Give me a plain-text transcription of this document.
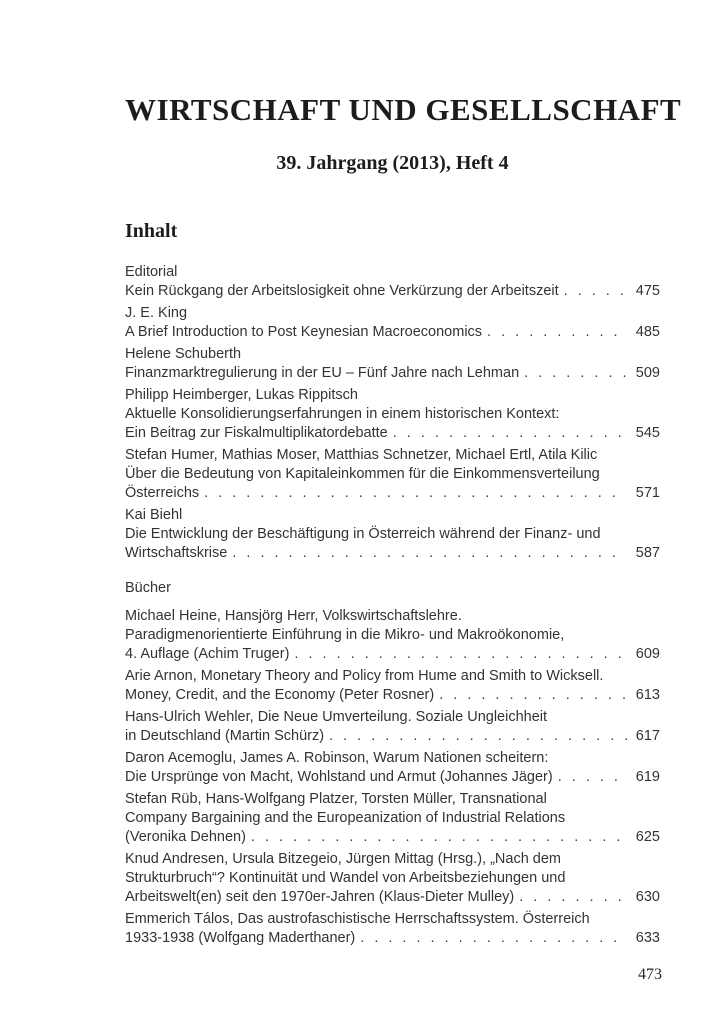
WIRTSCHAFT UND GESELLSCHAFT
39. Jahrgang (2013), Heft 4
Inhalt
Editorial
Kein Rückgang der Arbeitslosigkeit ohne Verkürzung der Arbeitszeit . . .	475
J. E. King
A Brief Introduction to Post Keynesian Macroeconomics . . .	485
Helene Schuberth
Finanzmarktregulierung in der EU – Fünf Jahre nach Lehman . . .	509
Philipp Heimberger, Lukas Rippitsch
Aktuelle Konsolidierungserfahrungen in einem historischen Kontext:
Ein Beitrag zur Fiskalmultiplikatordebatte . . .	545
Stefan Humer, Mathias Moser, Matthias Schnetzer, Michael Ertl, Atila Kilic
Über die Bedeutung von Kapitaleinkommen für die Einkommensverteilung
Österreichs . . .	571
Kai Biehl
Die Entwicklung der Beschäftigung in Österreich während der Finanz- und
Wirtschaftskrise . . .	587
Bücher
Michael Heine, Hansjörg Herr, Volkswirtschaftslehre.
Paradigmenorientierte Einführung in die Mikro- und Makroökonomie,
4. Auflage (Achim Truger) . . .	609
Arie Arnon, Monetary Theory and Policy from Hume and Smith to Wicksell.
Money, Credit, and the Economy (Peter Rosner) . . .	613
Hans-Ulrich Wehler, Die Neue Umverteilung. Soziale Ungleichheit
in Deutschland (Martin Schürz) . . .	617
Daron Acemoglu, James A. Robinson, Warum Nationen scheitern:
Die Ursprünge von Macht, Wohlstand und Armut (Johannes Jäger) . . .	619
Stefan Rüb, Hans-Wolfgang Platzer, Torsten Müller, Transnational
Company Bargaining and the Europeanization of Industrial Relations
(Veronika Dehnen) . . .	625
Knud Andresen, Ursula Bitzegeio, Jürgen Mittag (Hrsg.), „Nach dem
Strukturbruch“? Kontinuität und Wandel von Arbeitsbeziehungen und
Arbeitswelt(en) seit den 1970er-Jahren (Klaus-Dieter Mulley) . . .	630
Emmerich Tálos, Das austrofaschistische Herrschaftssystem. Österreich
1933-1938 (Wolfgang Maderthaner) . . .	633
473
